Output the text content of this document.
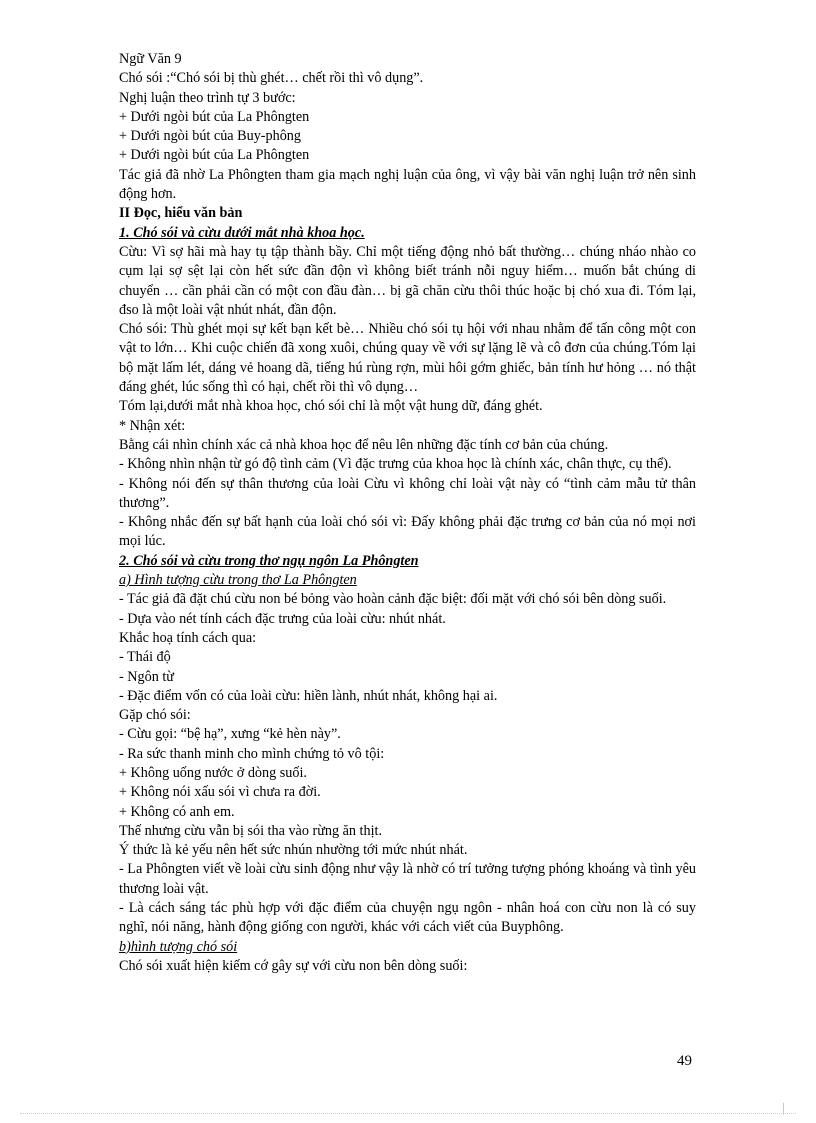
Ngữ Văn 9
Chó sói :“Chó sói bị thù ghét… chết rồi thì vô dụng”.
Nghị luận theo trình tự 3 bước:
+ Dưới ngòi bút của La Phôngten
+ Dưới ngòi bút của Buy-phông
+ Dưới ngòi bút của La Phôngten
Tác giả đã nhờ La Phôngten tham gia mạch nghị luận của ông, vì vậy bài văn nghị luận trở nên sinh động hơn.
II Đọc, hiểu văn bản
1. Chó sói và cừu dưới mắt nhà khoa học.
Cừu: Vì sợ hãi mà hay tụ tập thành bầy. Chỉ một tiếng động nhỏ bất thường… chúng nháo nhào co cụm lại sợ sệt lại còn hết sức đần độn vì không biết tránh nỗi nguy hiểm… muốn bắt chúng di chuyển … cần phải cần có một con đầu đàn… bị gã chăn cừu thôi thúc hoặc bị chó xua đi. Tóm lại, đso là một loài vật nhút nhát, đần độn.
Chó sói: Thù ghét mọi sự kết bạn kết bè… Nhiều chó sói tụ hội với nhau nhằm để tấn công một con vật to lớn… Khi cuộc chiến đã xong xuôi, chúng quay về với sự lặng lẽ và cô đơn của chúng.Tóm lại bộ mặt lấm lét, dáng vẻ hoang dã, tiếng hú rùng rợn, mùi hôi gớm ghiếc, bản tính hư hỏng … nó thật đáng ghét, lúc sống thì có hại, chết rồi thì vô dụng…
Tóm lại,dưới mắt nhà khoa học, chó sói chỉ là một vật hung dữ, đáng ghét.
* Nhận xét:
Bằng cái nhìn chính xác cả nhà khoa học để nêu lên những đặc tính cơ bản của chúng.
- Không nhìn nhận từ gó độ tình cảm (Vì đặc trưng của khoa học là chính xác, chân thực, cụ thể).
- Không nói đến sự thân thương của loài Cừu vì không chỉ loài vật này có “tình cảm mẫu tử thân thương”.
- Không nhắc đến sự bất hạnh của loài chó sói vì: Đấy không phải đặc trưng cơ bản của nó mọi nơi mọi lúc.
2. Chó sói và cừu trong thơ ngụ ngôn La Phôngten
a) Hình tượng cừu trong thơ La Phôngten
- Tác giả đã đặt chú cừu non bé bỏng vào hoàn cảnh đặc biệt: đối mặt với chó sói bên dòng suối.
- Dựa vào nét tính cách đặc trưng của loài cừu: nhút nhát.
Khắc hoạ tính cách qua:
- Thái độ
- Ngôn từ
- Đặc điểm vốn có của loài cừu: hiền lành, nhút nhát, không hại ai.
Gặp chó sói:
- Cừu gọi: “bệ hạ”, xưng “kẻ hèn này”.
- Ra sức thanh minh cho mình chứng tỏ vô tội:
+ Không uống nước ở dòng suối.
+ Không nói xấu sói vì chưa ra đời.
+ Không có anh em.
Thế nhưng cừu vẫn bị sói tha vào rừng ăn thịt.
Ý thức là kẻ yếu nên hết sức nhún nhường tới mức nhút nhát.
- La Phôngten viết về loài cừu sinh động như vậy là nhờ có trí tưởng tượng phóng khoáng và tình yêu thương loài vật.
- Là cách sáng tác phù hợp với đặc điểm của chuyện ngụ ngôn - nhân hoá con cừu non là có suy nghĩ, nói năng, hành động giống con người, khác với cách viết của Buyphông.
b)hình tượng chó sói
Chó sói xuất hiện kiếm cớ gây sự với cừu non bên dòng suối:
49
